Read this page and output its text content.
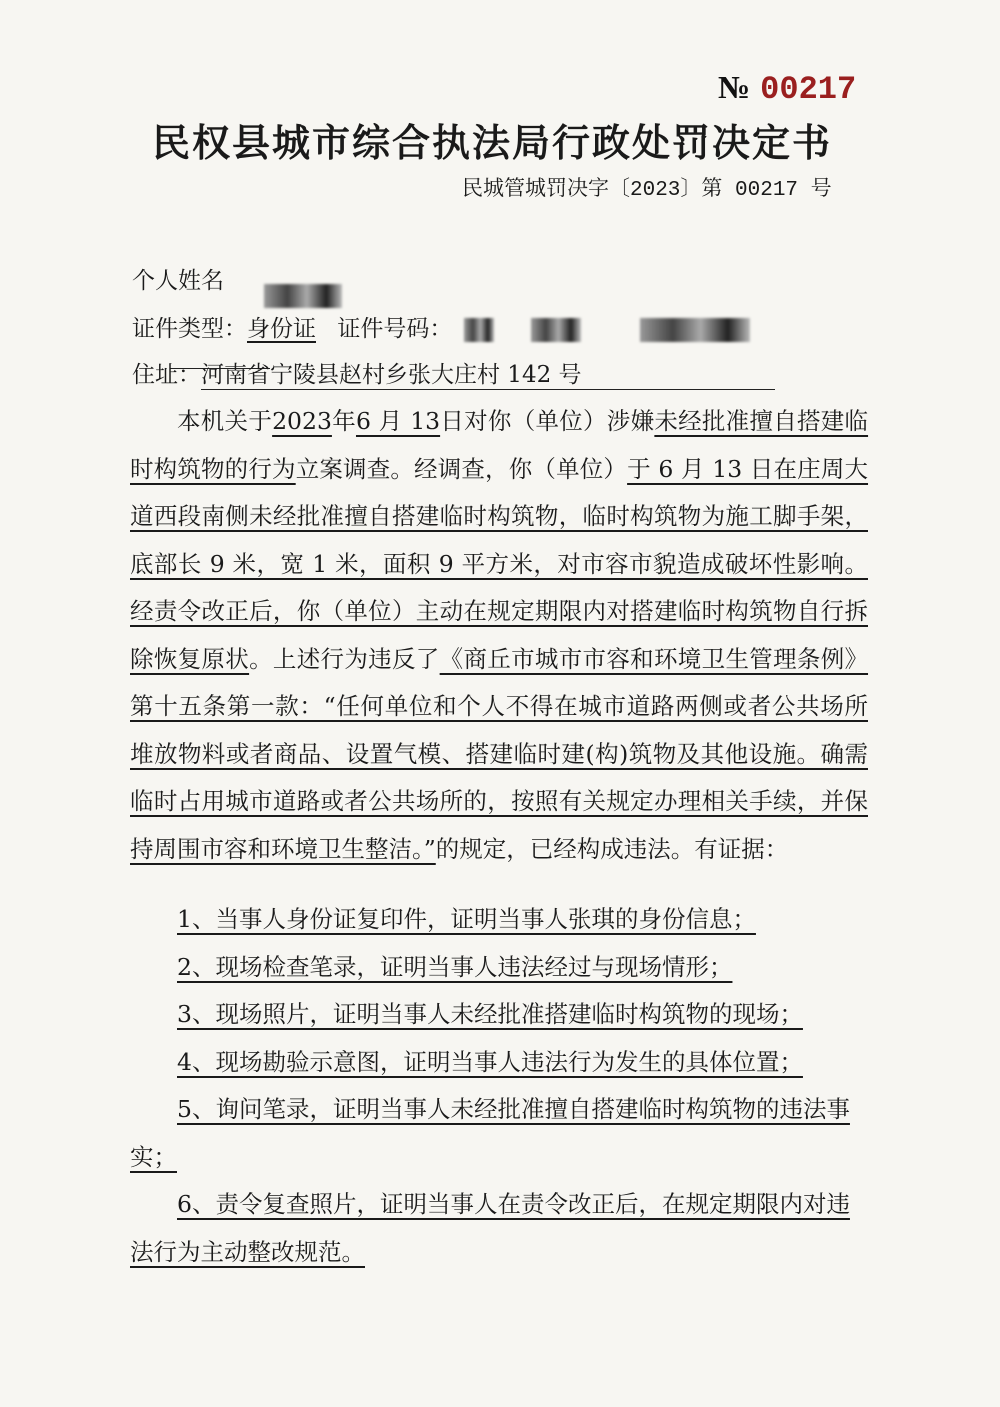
№ 00217
民权县城市综合执法局行政处罚决定书
民城管城罚决字〔2023〕第 00217 号
个人姓名
证件类型：身份证 证件号码：
住址：河南省宁陵县赵村乡张大庄村 142 号

本机关于2023年6 月 13日对你（单位）涉嫌未经批准擅自搭建临时构筑物的行为立案调查。经调查，你（单位）于 6 月 13 日在庄周大道西段南侧未经批准擅自搭建临时构筑物，临时构筑物为施工脚手架，底部长 9 米，宽 1 米，面积 9 平方米，对市容市貌造成破坏性影响。经责令改正后，你（单位）主动在规定期限内对搭建临时构筑物自行拆除恢复原状。上述行为违反了《商丘市城市市容和环境卫生管理条例》第十五条第一款：“任何单位和个人不得在城市道路两侧或者公共场所堆放物料或者商品、设置气模、搭建临时建(构)筑物及其他设施。确需临时占用城市道路或者公共场所的，按照有关规定办理相关手续，并保持周围市容和环境卫生整洁。”的规定，已经构成违法。有证据：

1、当事人身份证复印件，证明当事人张琪的身份信息；
2、现场检查笔录，证明当事人违法经过与现场情形；
3、现场照片，证明当事人未经批准搭建临时构筑物的现场；
4、现场勘验示意图，证明当事人违法行为发生的具体位置；
5、询问笔录，证明当事人未经批准擅自搭建临时构筑物的违法事实；
6、责令复查照片，证明当事人在责令改正后，在规定期限内对违法行为主动整改规范。
